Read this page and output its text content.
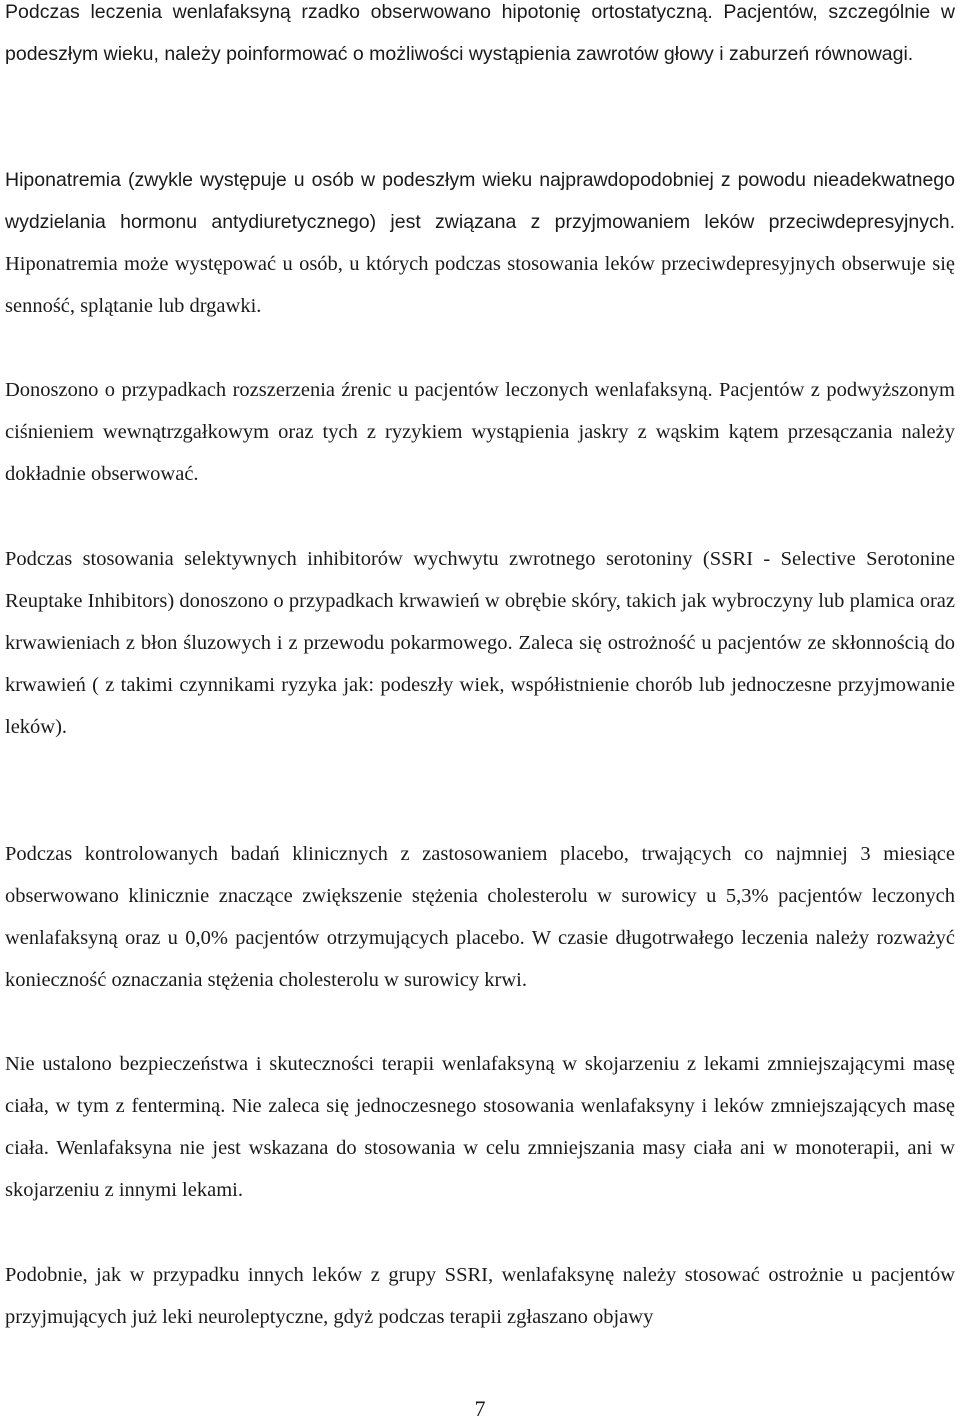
Podczas leczenia wenlafaksyną rzadko obserwowano hipotonię ortostatyczną. Pacjentów, szczególnie w podeszłym wieku, należy poinformować o możliwości wystąpienia zawrotów głowy i zaburzeń równowagi.

Hiponatremia (zwykle występuje u osób w podeszłym wieku najprawdopodobniej z powodu nieadekwatnego wydzielania hormonu antydiuretycznego) jest związana z przyjmowaniem leków przeciwdepresyjnych. Hiponatremia może występować u osób, u których podczas stosowania leków przeciwdepresyjnych obserwuje się senność, splątanie lub drgawki.

Donoszono o przypadkach rozszerzenia źrenic u pacjentów leczonych wenlafaksyną. Pacjentów z podwyższonym ciśnieniem wewnątrzgałkowym oraz tych z ryzykiem wystąpienia jaskry z wąskim kątem przesączania należy dokładnie obserwować.

Podczas stosowania selektywnych inhibitorów wychwytu zwrotnego serotoniny (SSRI - Selective Serotonine Reuptake Inhibitors) donoszono o przypadkach krwawień w obrębie skóry, takich jak wybroczyny lub plamica oraz krwawieniach z błon śluzowych i z przewodu pokarmowego. Zaleca się ostrożność u pacjentów ze skłonnością do krwawień ( z takimi czynnikami ryzyka jak: podeszły wiek, współistnienie chorób lub jednoczesne przyjmowanie leków).

Podczas kontrolowanych badań klinicznych z zastosowaniem placebo, trwających co najmniej 3 miesiące obserwowano klinicznie znaczące zwiększenie stężenia cholesterolu w surowicy u 5,3% pacjentów leczonych wenlafaksyną oraz u 0,0% pacjentów otrzymujących placebo. W czasie długotrwałego leczenia należy rozważyć konieczność oznaczania stężenia cholesterolu w surowicy krwi.

Nie ustalono bezpieczeństwa i skuteczności terapii wenlafaksyną w skojarzeniu z lekami zmniejszającymi masę ciała, w tym z fenterminą. Nie zaleca się jednoczesnego stosowania wenlafaksyny i leków zmniejszających masę ciała. Wenlafaksyna nie jest wskazana do stosowania w celu zmniejszania masy ciała ani w monoterapii, ani w skojarzeniu z innymi lekami.

Podobnie, jak w przypadku innych leków z grupy SSRI, wenlafaksynę należy stosować ostrożnie u pacjentów przyjmujących już leki neuroleptyczne, gdyż podczas terapii zgłaszano objawy

7
